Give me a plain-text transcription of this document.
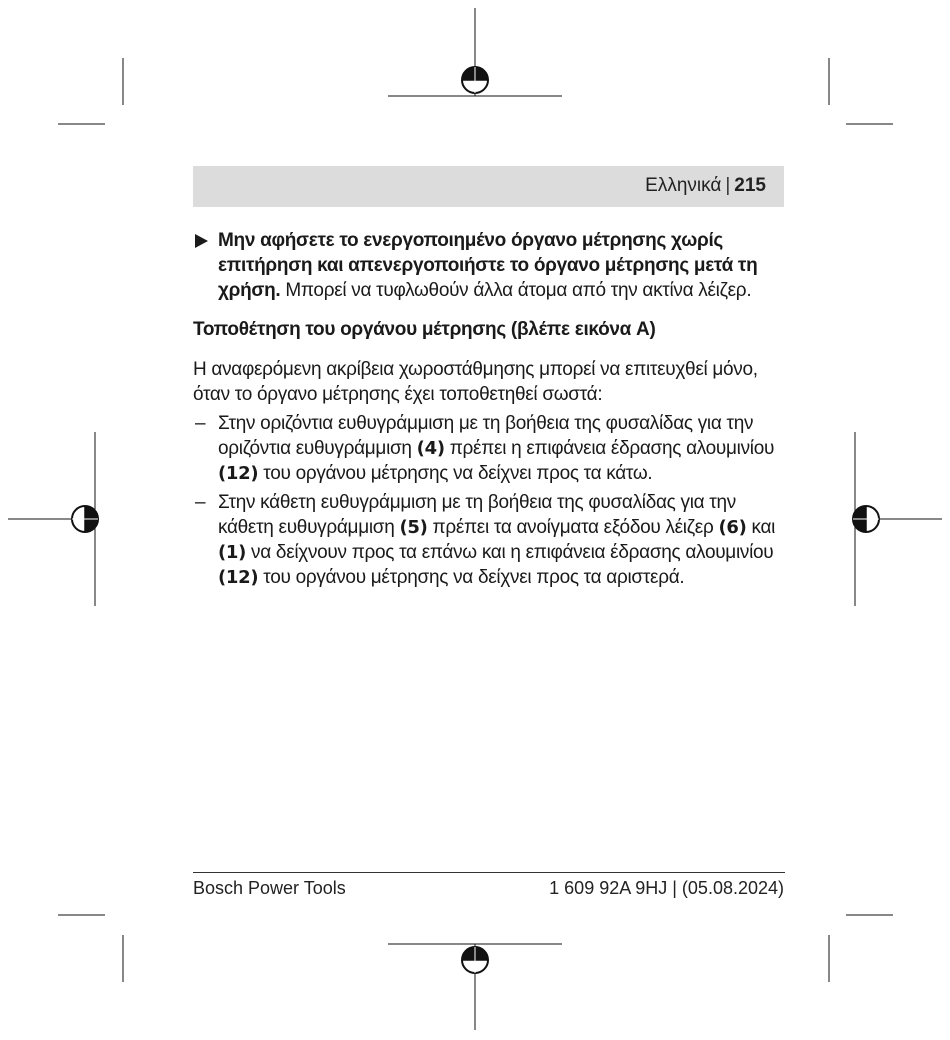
Ελληνικά | 215

Μην αφήσετε το ενεργοποιημένο όργανο μέτρησης χωρίς επιτήρηση και απενεργοποιήστε το όργανο μέτρησης μετά τη χρήση. Μπορεί να τυφλωθούν άλλα άτομα από την ακτίνα λέιζερ.

Τοποθέτηση του οργάνου μέτρησης (βλέπε εικόνα A)

Η αναφερόμενη ακρίβεια χωροστάθμησης μπορεί να επιτευχθεί μόνο, όταν το όργανο μέτρησης έχει τοποθετηθεί σωστά:

– Στην οριζόντια ευθυγράμμιση με τη βοήθεια της φυσαλίδας για την οριζόντια ευθυγράμμιση (4) πρέπει η επιφάνεια έδρασης αλουμινίου (12) του οργάνου μέτρησης να δείχνει προς τα κάτω.
– Στην κάθετη ευθυγράμμιση με τη βοήθεια της φυσαλίδας για την κάθετη ευθυγράμμιση (5) πρέπει τα ανοίγματα εξόδου λέιζερ (6) και (1) να δείχνουν προς τα επάνω και η επιφάνεια έδρασης αλουμινίου (12) του οργάνου μέτρησης να δείχνει προς τα αριστερά.
Bosch Power Tools	1 609 92A 9HJ | (05.08.2024)
